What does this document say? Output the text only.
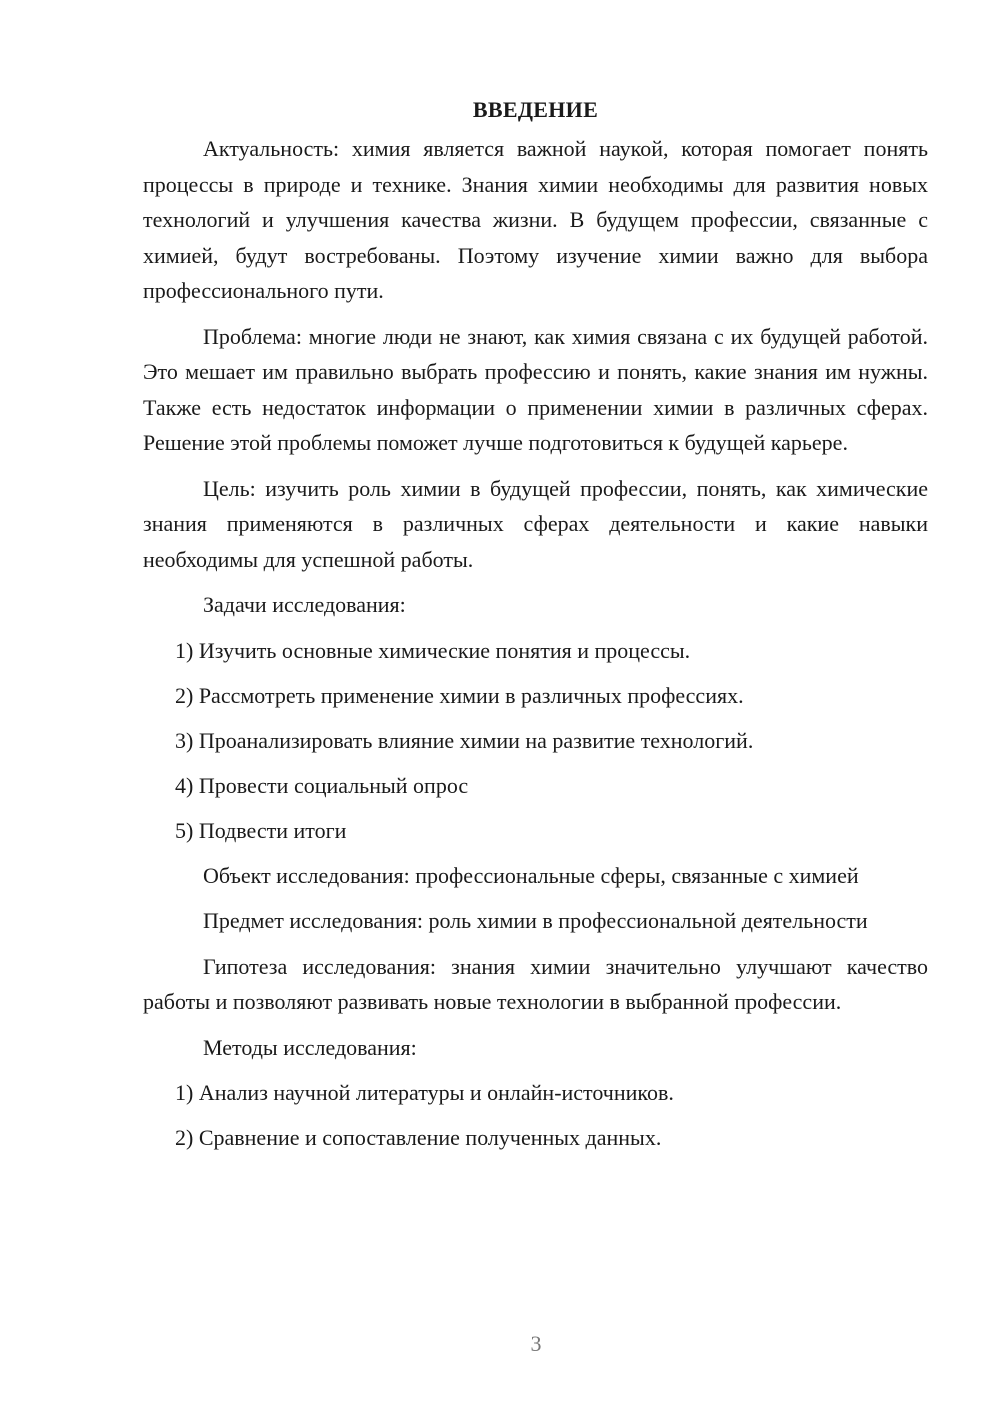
ВВЕДЕНИЕ

Актуальность: химия является важной наукой, которая помогает понять процессы в природе и технике. Знания химии необходимы для развития новых технологий и улучшения качества жизни. В будущем профессии, связанные с химией, будут востребованы. Поэтому изучение химии важно для выбора профессионального пути.

Проблема: многие люди не знают, как химия связана с их будущей работой. Это мешает им правильно выбрать профессию и понять, какие знания им нужны. Также есть недостаток информации о применении химии в различных сферах. Решение этой проблемы поможет лучше подготовиться к будущей карьере.

Цель: изучить роль химии в будущей профессии, понять, как химические знания применяются в различных сферах деятельности и какие навыки необходимы для успешной работы.

Задачи исследования:
1) Изучить основные химические понятия и процессы.
2) Рассмотреть применение химии в различных профессиях.
3) Проанализировать влияние химии на развитие технологий.
4) Провести социальный опрос
5) Подвести итоги

Объект исследования: профессиональные сферы, связанные с химией

Предмет исследования: роль химии в профессиональной деятельности

Гипотеза исследования: знания химии значительно улучшают качество работы и позволяют развивать новые технологии в выбранной профессии.

Методы исследования:
1) Анализ научной литературы и онлайн-источников.
2) Сравнение и сопоставление полученных данных.
3
